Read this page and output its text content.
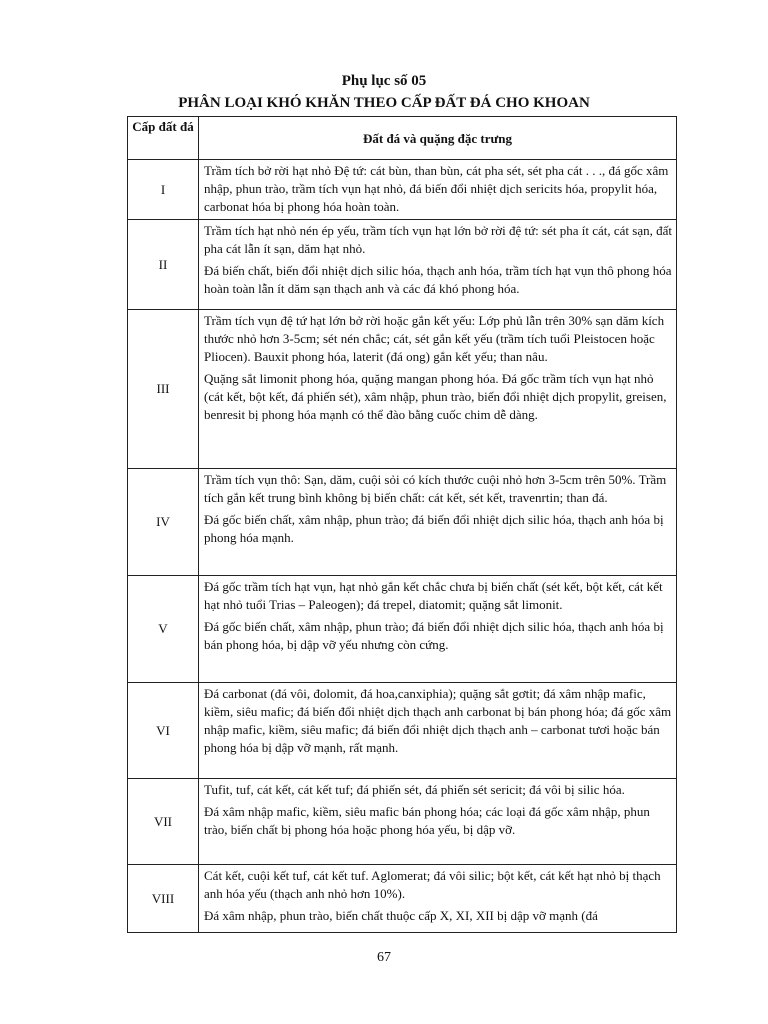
Phụ lục số 05
PHÂN LOẠI KHÓ KHĂN THEO CẤP ĐẤT ĐÁ CHO KHOAN
Cấp đất đá	Đất đá và quặng đặc trưng
I	Trầm tích bở rời hạt nhỏ Đệ tứ: cát bùn, than bùn, cát pha sét, sét pha cát . . ., đá gốc xâm nhập, phun trào, trầm tích vụn hạt nhỏ, đá biến đổi nhiệt dịch sericits hóa, propylit hóa, carbonat hóa bị phong hóa hoàn toàn.

II	Trầm tích hạt nhỏ nén ép yếu, trầm tích vụn hạt lớn bở rời đệ tứ: sét pha ít cát, cát sạn, đất pha cát lẫn ít sạn, dăm hạt nhỏ.

Đá biến chất, biến đổi nhiệt dịch silic hóa, thạch anh hóa, trầm tích hạt vụn thô phong hóa hoàn toàn lẫn ít dăm sạn thạch anh và các đá khó phong hóa.

III	Trầm tích vụn đệ tứ hạt lớn bở rời hoặc gắn kết yếu: Lớp phủ lẫn trên 30% sạn dăm kích thước nhỏ hơn 3-5cm; sét nén chắc; cát, sét gắn kết yếu (trầm tích tuổi Pleistocen hoặc Pliocen). Bauxit phong hóa, laterit (đá ong) gắn kết yếu; than nâu.

Quặng sắt limonit phong hóa, quặng mangan phong hóa. Đá gốc trầm tích vụn hạt nhỏ (cát kết, bột kết, đá phiến sét), xâm nhập, phun trào, biến đổi nhiệt dịch propylit, greisen, benresit bị phong hóa mạnh có thể đào bằng cuốc chim dễ dàng.

IV	Trầm tích vụn thô: Sạn, dăm, cuội sỏi có kích thước cuội nhỏ hơn 3-5cm trên 50%. Trầm tích gắn kết trung bình không bị biến chất: cát kết, sét kết, travenrtin; than đá.

Đá gốc biến chất, xâm nhập, phun trào; đá biến đổi nhiệt dịch silic hóa, thạch anh hóa bị phong hóa mạnh.

V	Đá gốc trầm tích hạt vụn, hạt nhỏ gắn kết chắc chưa bị biến chất (sét kết, bột kết, cát kết hạt nhỏ tuổi Trias – Paleogen); đá trepel, diatomit; quặng sắt limonit.

Đá gốc biến chất, xâm nhập, phun trào; đá biến đổi nhiệt dịch silic hóa, thạch anh hóa bị bán phong hóa, bị dập vỡ yếu nhưng còn cứng.

VI	Đá carbonat (đá vôi, đolomit, đá hoa,canxiphia); quặng sắt gơtit; đá xâm nhập mafic, kiềm, siêu mafic; đá biến đổi nhiệt dịch thạch anh carbonat bị bán phong hóa; đá gốc xâm nhập mafic, kiềm, siêu mafic; đá biến đổi nhiệt dịch thạch anh – carbonat tươi hoặc bán phong hóa bị dập vỡ mạnh, rất mạnh.

VII	Tufit, tuf, cát kết, cát kết tuf; đá phiến sét, đá phiến sét sericit; đá vôi bị silic hóa.

Đá xâm nhập mafic, kiềm, siêu mafic bán phong hóa; các loại đá gốc xâm nhập, phun trào, biến chất bị phong hóa hoặc phong hóa yếu, bị dập vỡ.

VIII	Cát kết, cuội kết tuf, cát kết tuf. Aglomerat; đá vôi silic; bột kết, cát kết hạt nhỏ bị thạch anh hóa yếu (thạch anh nhỏ hơn 10%).

Đá xâm nhập, phun trào, biến chất thuộc cấp X, XI, XII bị dập vỡ mạnh (đá

67
